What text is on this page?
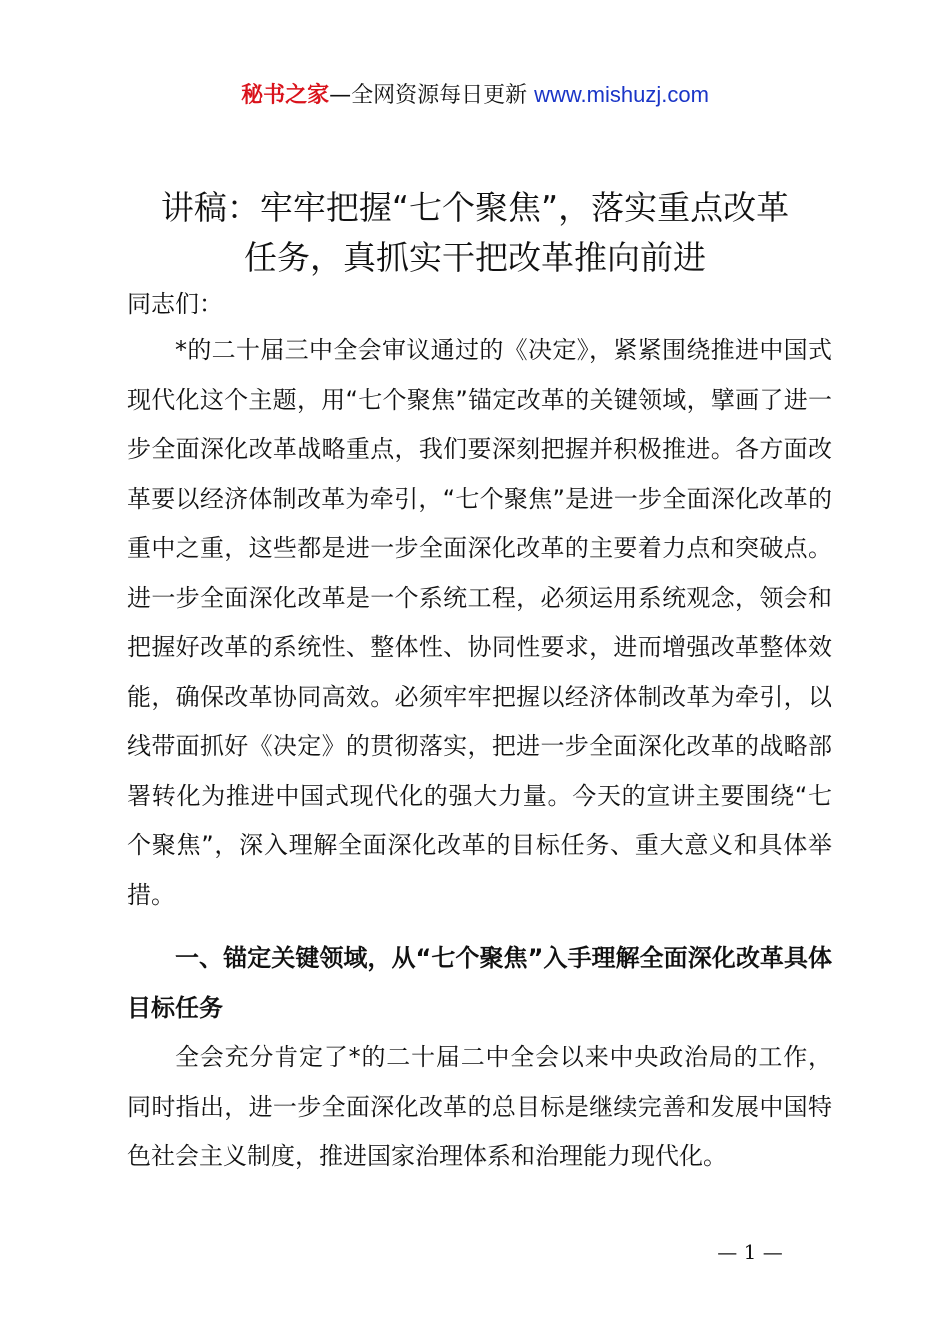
秘书之家—全网资源每日更新 www.mishuzj.com
讲稿：牢牢把握“七个聚焦”，落实重点改革
任务，真抓实干把改革推向前进

同志们：

*的二十届三中全会审议通过的《决定》，紧紧围绕推进中国式现代化这个主题，用“七个聚焦”锚定改革的关键领域，擘画了进一步全面深化改革战略重点，我们要深刻把握并积极推进。各方面改革要以经济体制改革为牵引，“七个聚焦”是进一步全面深化改革的重中之重，这些都是进一步全面深化改革的主要着力点和突破点。进一步全面深化改革是一个系统工程，必须运用系统观念，领会和把握好改革的系统性、整体性、协同性要求，进而增强改革整体效能，确保改革协同高效。必须牢牢把握以经济体制改革为牵引，以线带面抓好《决定》的贯彻落实，把进一步全面深化改革的战略部署转化为推进中国式现代化的强大力量。今天的宣讲主要围绕“七个聚焦”，深入理解全面深化改革的目标任务、重大意义和具体举措。

一、锚定关键领域，从“七个聚焦”入手理解全面深化改革具体目标任务

全会充分肯定了*的二十届二中全会以来中央政治局的工作，同时指出，进一步全面深化改革的总目标是继续完善和发展中国特色社会主义制度，推进国家治理体系和治理能力现代化。

— 1 —
